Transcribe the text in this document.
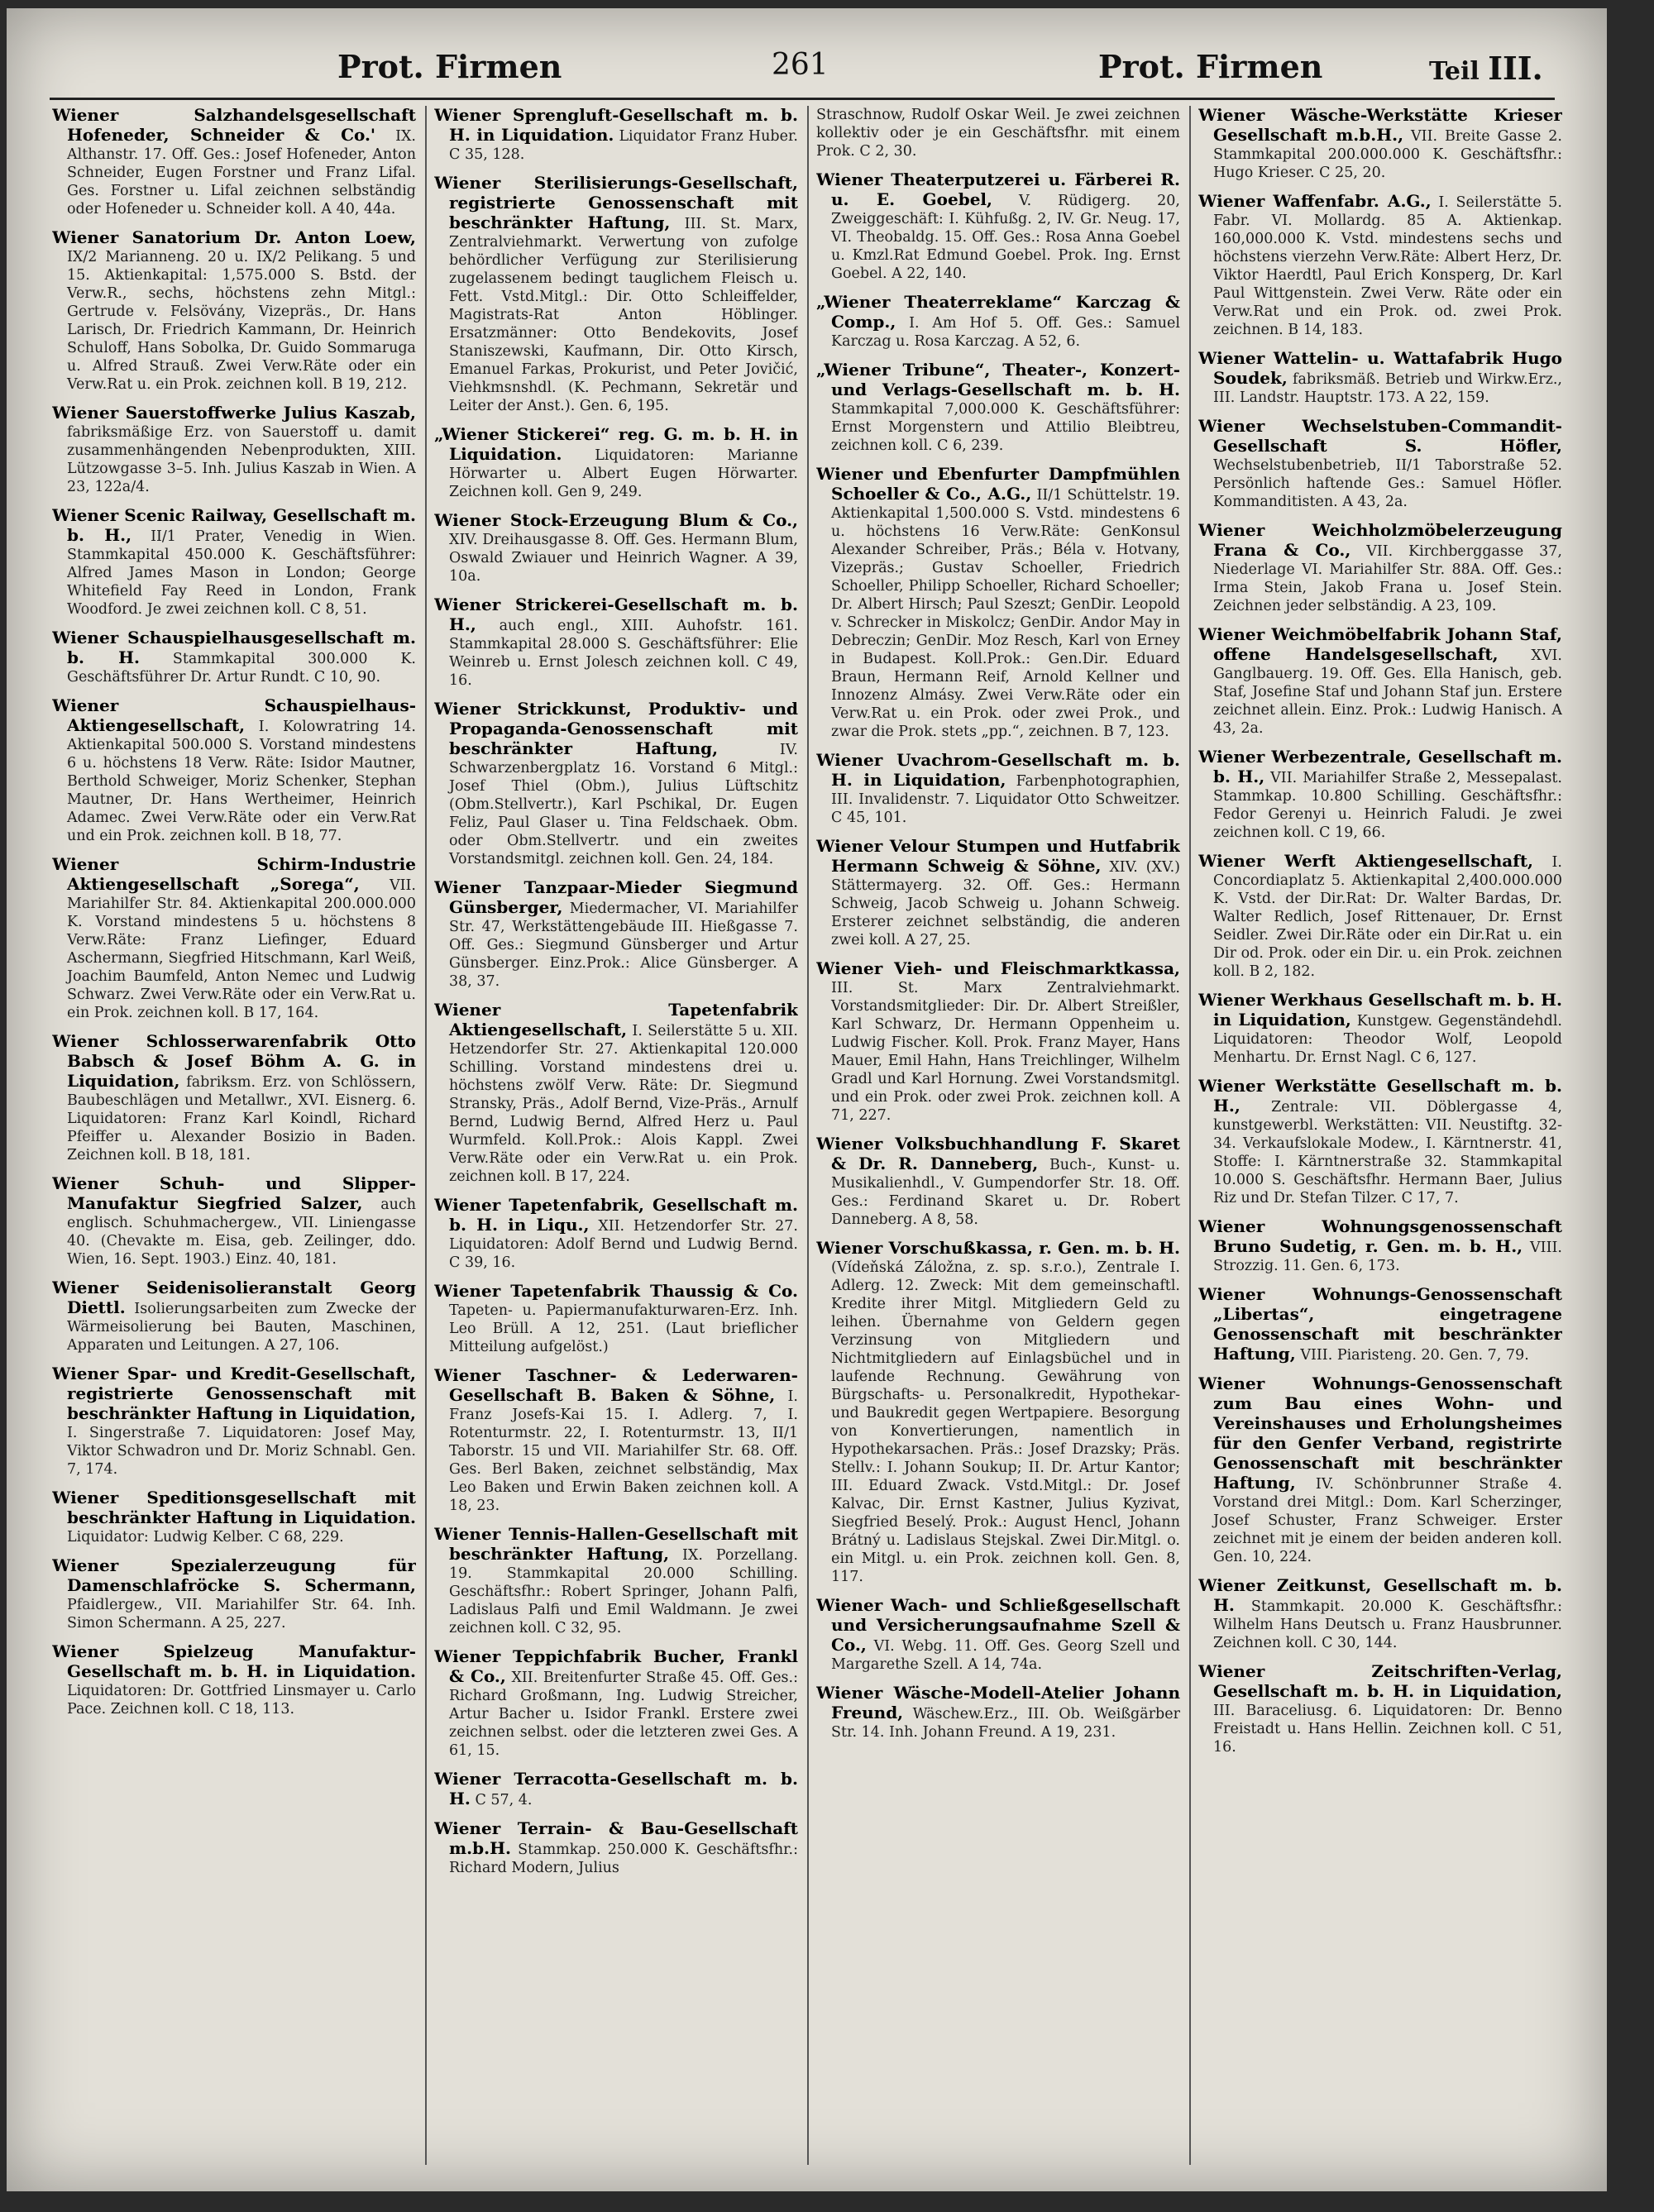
Prot. Firmen	261	Prot. Firmen	Teil III.

Wiener Salzhandelsgesellschaft Hofeneder, Schneider & Co.' IX. Althanstr. 17. Off. Ges.: Josef Hofeneder, Anton Schneider, Eugen Forstner und Franz Lifal. Ges. Forstner u. Lifal zeichnen selbständig oder Hofeneder u. Schneider koll. A 40, 44a.

Wiener Sanatorium Dr. Anton Loew, IX/2 Marianneng. 20 u. IX/2 Pelikang. 5 und 15. Aktienkapital: 1,575.000 S. Bstd. der Verw.R., sechs, höchstens zehn Mitgl.: Gertrude v. Felsövány, Vizepräs., Dr. Hans Larisch, Dr. Friedrich Kammann, Dr. Heinrich Schuloff, Hans Sobolka, Dr. Guido Sommaruga u. Alfred Strauß. Zwei Verw.Räte oder ein Verw.Rat u. ein Prok. zeichnen koll. B 19, 212.

Wiener Sauerstoffwerke Julius Kaszab, fabriksmäßige Erz. von Sauerstoff u. damit zusammenhängenden Nebenprodukten, XIII. Lützowgasse 3–5. Inh. Julius Kaszab in Wien. A 23, 122a/4.

Wiener Scenic Railway, Gesellschaft m. b. H., II/1 Prater, Venedig in Wien. Stammkapital 450.000 K. Geschäftsführer: Alfred James Mason in London; George Whitefield Fay Reed in London, Frank Woodford. Je zwei zeichnen koll. C 8, 51.

Wiener Schauspielhausgesellschaft m. b. H. Stammkapital 300.000 K. Geschäftsführer Dr. Artur Rundt. C 10, 90.

Wiener Schauspielhaus-Aktiengesellschaft, I. Kolowratring 14. Aktienkapital 500.000 S. Vorstand mindestens 6 u. höchstens 18 Verw. Räte: Isidor Mautner, Berthold Schweiger, Moriz Schenker, Stephan Mautner, Dr. Hans Wertheimer, Heinrich Adamec. Zwei Verw.Räte oder ein Verw.Rat und ein Prok. zeichnen koll. B 18, 77.

Wiener Schirm-Industrie Aktiengesellschaft „Sorega“, VII. Mariahilfer Str. 84. Aktienkapital 200.000.000 K. Vorstand mindestens 5 u. höchstens 8 Verw.Räte: Franz Liefinger, Eduard Aschermann, Siegfried Hitschmann, Karl Weiß, Joachim Baumfeld, Anton Nemec und Ludwig Schwarz. Zwei Verw.Räte oder ein Verw.Rat u. ein Prok. zeichnen koll. B 17, 164.

Wiener Schlosserwarenfabrik Otto Babsch & Josef Böhm A. G. in Liquidation, fabriksm. Erz. von Schlössern, Baubeschlägen und Metallwr., XVI. Eisnerg. 6. Liquidatoren: Franz Karl Koindl, Richard Pfeiffer u. Alexander Bosizio in Baden. Zeichnen koll. B 18, 181.

Wiener Schuh- und Slipper-Manufaktur Siegfried Salzer, auch englisch. Schuhmachergew., VII. Liniengasse 40. (Chevakte m. Eisa, geb. Zeilinger, ddo. Wien, 16. Sept. 1903.) Einz. 40, 181.

Wiener Seidenisolieranstalt Georg Diettl. Isolierungsarbeiten zum Zwecke der Wärmeisolierung bei Bauten, Maschinen, Apparaten und Leitungen. A 27, 106.

Wiener Spar- und Kredit-Gesellschaft, registrierte Genossenschaft mit beschränkter Haftung in Liquidation, I. Singerstraße 7. Liquidatoren: Josef May, Viktor Schwadron und Dr. Moriz Schnabl. Gen. 7, 174.

Wiener Speditionsgesellschaft mit beschränkter Haftung in Liquidation. Liquidator: Ludwig Kelber. C 68, 229.

Wiener Spezialerzeugung für Damenschlafröcke S. Schermann, Pfaidlergew., VII. Mariahilfer Str. 64. Inh. Simon Schermann. A 25, 227.

Wiener Spielzeug Manufaktur-Gesellschaft m. b. H. in Liquidation. Liquidatoren: Dr. Gottfried Linsmayer u. Carlo Pace. Zeichnen koll. C 18, 113.

Wiener Sprengluft-Gesellschaft m. b. H. in Liquidation. Liquidator Franz Huber. C 35, 128.

Wiener Sterilisierungs-Gesellschaft, registrierte Genossenschaft mit beschränkter Haftung, III. St. Marx, Zentralviehmarkt. Verwertung von zufolge behördlicher Verfügung zur Sterilisierung zugelassenem bedingt tauglichem Fleisch u. Fett. Vstd.Mitgl.: Dir. Otto Schleiffelder, Magistrats-Rat Anton Höblinger. Ersatzmänner: Otto Bendekovits, Josef Staniszewski, Kaufmann, Dir. Otto Kirsch, Emanuel Farkas, Prokurist, und Peter Jovičić, Viehkmsnshdl. (K. Pechmann, Sekretär und Leiter der Anst.). Gen. 6, 195.

„Wiener Stickerei“ reg. G. m. b. H. in Liquidation. Liquidatoren: Marianne Hörwarter u. Albert Eugen Hörwarter. Zeichnen koll. Gen 9, 249.

Wiener Stock-Erzeugung Blum & Co., XIV. Dreihausgasse 8. Off. Ges. Hermann Blum, Oswald Zwiauer und Heinrich Wagner. A 39, 10a.

Wiener Strickerei-Gesellschaft m. b. H., auch engl., XIII. Auhofstr. 161. Stammkapital 28.000 S. Geschäftsführer: Elie Weinreb u. Ernst Jolesch zeichnen koll. C 49, 16.

Wiener Strickkunst, Produktiv- und Propaganda-Genossenschaft mit beschränkter Haftung,	IV. Schwarzenbergplatz 16. Vorstand 6 Mitgl.: Josef Thiel (Obm.), Julius Lüftschitz (Obm.Stellvertr.), Karl Pschikal, Dr. Eugen Feliz, Paul Glaser u. Tina Feldschaek. Obm. oder Obm.Stellvertr. und ein zweites Vorstandsmitgl. zeichnen koll. Gen. 24, 184.

Wiener Tanzpaar-Mieder Siegmund Günsberger, Miedermacher, VI. Mariahilfer Str. 47, Werkstättengebäude III. Hießgasse 7. Off. Ges.: Siegmund Günsberger und Artur Günsberger. Einz.Prok.: Alice Günsberger. A 38, 37.

Wiener Tapetenfabrik Aktiengesellschaft, I. Seilerstätte 5 u. XII. Hetzendorfer Str. 27. Aktienkapital 120.000 Schilling. Vorstand mindestens drei u. höchstens zwölf Verw. Räte: Dr. Siegmund Stransky, Präs., Adolf Bernd, Vize-Präs., Arnulf Bernd, Ludwig Bernd, Alfred Herz u. Paul Wurmfeld. Koll.Prok.: Alois Kappl. Zwei Verw.Räte oder ein Verw.Rat u. ein Prok. zeichnen koll. B 17, 224.

Wiener Tapetenfabrik, Gesellschaft m. b. H. in Liqu., XII. Hetzendorfer Str. 27. Liquidatoren: Adolf Bernd und Ludwig Bernd. C 39, 16.

Wiener Tapetenfabrik Thaussig & Co. Tapeten- u. Papiermanufakturwaren-Erz. Inh. Leo Brüll. A 12, 251. (Laut brieflicher Mitteilung aufgelöst.)

Wiener Taschner- & Lederwaren-Gesellschaft B. Baken & Söhne, I. Franz Josefs-Kai 15. I. Adlerg. 7, I. Rotenturmstr. 22, I. Rotenturmstr. 13, II/1 Taborstr. 15 und VII. Mariahilfer Str. 68. Off. Ges. Berl Baken, zeichnet selbständig, Max Leo Baken und Erwin Baken zeichnen koll. A 18, 23.

Wiener Tennis-Hallen-Gesellschaft mit beschränkter Haftung, IX. Porzellang. 19. Stammkapital 20.000 Schilling. Geschäftsfhr.: Robert Springer, Johann Palfi, Ladislaus Palfi und Emil Waldmann. Je zwei zeichnen koll. C 32, 95.

Wiener Teppichfabrik Bucher, Frankl & Co., XII. Breitenfurter Straße 45. Off. Ges.: Richard Großmann, Ing. Ludwig Streicher, Artur Bacher u. Isidor Frankl. Erstere zwei zeichnen selbst. oder die letzteren zwei Ges. A 61, 15.

Wiener Terracotta-Gesellschaft m. b. H. C 57, 4.

Wiener Terrain- & Bau-Gesellschaft m.b.H. Stammkap. 250.000 K. Geschäftsfhr.: Richard Modern, Julius

Straschnow, Rudolf Oskar Weil. Je zwei zeichnen kollektiv oder je ein Geschäftsfhr. mit einem Prok. C 2, 30.

Wiener Theaterputzerei u. Färberei R. u. E. Goebel, V. Rüdigerg. 20, Zweiggeschäft: I. Kühfußg. 2, IV. Gr. Neug. 17, VI. Theobaldg. 15. Off. Ges.: Rosa Anna Goebel u. Kmzl.Rat Edmund Goebel. Prok. Ing. Ernst Goebel. A 22, 140.

„Wiener Theaterreklame“ Karczag & Comp., I. Am Hof 5. Off. Ges.: Samuel Karczag u. Rosa Karczag. A 52, 6.

„Wiener Tribune“, Theater-, Konzert- und Verlags-Gesellschaft m. b. H. Stammkapital 7,000.000 K. Geschäftsführer: Ernst Morgenstern und Attilio Bleibtreu, zeichnen koll. C 6, 239.

Wiener und Ebenfurter Dampfmühlen Schoeller & Co., A.G., II/1 Schüttelstr. 19. Aktienkapital 1,500.000 S. Vstd. mindestens 6 u. höchstens 16 Verw.Räte: GenKonsul Alexander Schreiber, Präs.; Béla v. Hotvany, Vizepräs.; Gustav Schoeller, Friedrich Schoeller, Philipp Schoeller, Richard Schoeller; Dr. Albert Hirsch; Paul Szeszt; GenDir. Leopold v. Schrecker in Miskolcz; GenDir. Andor May in Debreczin; GenDir. Moz Resch, Karl von Erney in Budapest. Koll.Prok.: Gen.Dir. Eduard Braun, Hermann Reif, Arnold Kellner und Innozenz Almásy. Zwei Verw.Räte oder ein Verw.Rat u. ein Prok. oder zwei Prok., und zwar die Prok. stets „pp.“, zeichnen. B 7, 123.

Wiener Uvachrom-Gesellschaft m. b. H. in Liquidation, Farbenphotographien, III. Invalidenstr. 7. Liquidator Otto Schweitzer. C 45, 101.

Wiener Velour Stumpen und Hutfabrik Hermann Schweig & Söhne, XIV. (XV.) Stättermayerg. 32. Off. Ges.: Hermann Schweig, Jacob Schweig u. Johann Schweig. Ersterer zeichnet selbständig, die anderen zwei koll. A 27, 25.

Wiener Vieh- und Fleischmarktkassa, III. St. Marx Zentralviehmarkt. Vorstandsmitglieder: Dir. Dr. Albert Streißler, Karl Schwarz, Dr. Hermann Oppenheim u. Ludwig Fischer. Koll. Prok. Franz Mayer, Hans Mauer, Emil Hahn, Hans Treichlinger, Wilhelm Gradl und Karl Hornung. Zwei Vorstandsmitgl. und ein Prok. oder zwei Prok. zeichnen koll. A 71, 227.

Wiener Volksbuchhandlung F. Skaret & Dr. R. Danneberg, Buch-, Kunst- u. Musikalienhdl., V. Gumpendorfer Str. 18. Off. Ges.: Ferdinand Skaret u. Dr. Robert Danneberg. A 8, 58.

Wiener Vorschußkassa, r. Gen. m. b. H. (Vídeňská Záložna, z. sp. s.r.o.), Zentrale I. Adlerg. 12. Zweck: Mit dem gemeinschaftl. Kredite ihrer Mitgl. Mitgliedern Geld zu leihen. Übernahme von Geldern gegen Verzinsung von Mitgliedern und Nichtmitgliedern auf Einlagsbüchel und in laufende Rechnung. Gewährung von Bürgschafts- u. Personalkredit, Hypothekar- und Baukredit gegen Wertpapiere. Besorgung von Konvertierungen, namentlich in Hypothekarsachen. Präs.: Josef Drazsky; Präs. Stellv.: I. Johann Soukup; II. Dr. Artur Kantor; III. Eduard Zwack. Vstd.Mitgl.: Dr. Josef Kalvac, Dir. Ernst Kastner, Julius Kyzivat, Siegfried Beselý. Prok.: August Hencl, Johann Brátný u. Ladislaus Stejskal. Zwei Dir.Mitgl. o. ein Mitgl. u. ein Prok. zeichnen koll. Gen. 8, 117.

Wiener Wach- und Schließgesellschaft und Versicherungsaufnahme Szell & Co., VI. Webg. 11. Off. Ges. Georg Szell und Margarethe Szell. A 14, 74a.

Wiener Wäsche-Modell-Atelier Johann Freund, Wäschew.Erz., III. Ob. Weißgärber Str. 14. Inh. Johann Freund. A 19, 231.

Wiener Wäsche-Werkstätte Krieser Gesellschaft m.b.H., VII. Breite Gasse 2. Stammkapital 200.000.000 K. Geschäftsfhr.: Hugo Krieser. C 25, 20.

Wiener Waffenfabr. A.G., I. Seilerstätte 5. Fabr. VI. Mollardg. 85 A. Aktienkap. 160,000.000 K. Vstd. mindestens sechs und höchstens vierzehn Verw.Räte: Albert Herz, Dr. Viktor Haerdtl, Paul Erich Konsperg, Dr. Karl Paul Wittgenstein. Zwei Verw. Räte oder ein Verw.Rat und ein Prok. od. zwei Prok. zeichnen. B 14, 183.

Wiener Wattelin- u. Wattafabrik Hugo Soudek, fabriksmäß. Betrieb und Wirkw.Erz., III. Landstr. Hauptstr. 173. A 22, 159.

Wiener Wechselstuben-Commandit-Gesellschaft S. Höfler, Wechselstubenbetrieb, II/1 Taborstraße 52. Persönlich haftende Ges.: Samuel Höfler. Kommanditisten. A 43, 2a.

Wiener Weichholzmöbelerzeugung Frana & Co., VII. Kirchberggasse 37, Niederlage VI. Mariahilfer Str. 88A. Off. Ges.: Irma Stein, Jakob Frana u. Josef Stein. Zeichnen jeder selbständig. A 23, 109.

Wiener Weichmöbelfabrik Johann Staf, offene Handelsgesellschaft, XVI. Ganglbauerg. 19. Off. Ges. Ella Hanisch, geb. Staf, Josefine Staf und Johann Staf jun. Erstere zeichnet allein. Einz. Prok.: Ludwig Hanisch. A 43, 2a.

Wiener Werbezentrale, Gesellschaft m. b. H., VII. Mariahilfer Straße 2, Messepalast. Stammkap. 10.800 Schilling. Geschäftsfhr.: Fedor Gerenyi u. Heinrich Faludi. Je zwei zeichnen koll. C 19, 66.

Wiener Werft Aktiengesellschaft, I. Concordiaplatz 5. Aktienkapital 2,400.000.000 K. Vstd. der Dir.Rat: Dr. Walter Bardas, Dr. Walter Redlich, Josef Rittenauer, Dr. Ernst Seidler. Zwei Dir.Räte oder ein Dir.Rat u. ein Dir od. Prok. oder ein Dir. u. ein Prok. zeichnen koll. B 2, 182.

Wiener Werkhaus Gesellschaft m. b. H. in Liquidation, Kunstgew. Gegenständehdl. Liquidatoren: Theodor Wolf, Leopold Menhartu. Dr. Ernst Nagl. C 6, 127.

Wiener Werkstätte Gesellschaft m. b. H., Zentrale: VII. Döblergasse 4, kunstgewerbl. Werkstätten: VII. Neustiftg. 32-34. Verkaufslokale Modew., I. Kärntnerstr. 41, Stoffe: I. Kärntnerstraße 32. Stammkapital 10.000 S. Geschäftsfhr. Hermann Baer, Julius Riz und Dr. Stefan Tilzer. C 17, 7.

Wiener Wohnungsgenossenschaft Bruno Sudetig, r. Gen. m. b. H., VIII. Strozzig. 11. Gen. 6, 173.

Wiener Wohnungs-Genossenschaft „Libertas“, eingetragene Genossenschaft mit beschränkter Haftung, VIII. Piaristeng. 20. Gen. 7, 79.

Wiener Wohnungs-Genossenschaft zum Bau eines Wohn- und Vereinshauses und Erholungsheimes für den Genfer Verband, registrirte Genossenschaft mit beschränkter Haftung, IV. Schönbrunner Straße 4. Vorstand drei Mitgl.: Dom. Karl Scherzinger, Josef Schuster, Franz Schweiger. Erster zeichnet mit je einem der beiden anderen koll. Gen. 10, 224.

Wiener Zeitkunst, Gesellschaft m. b. H. Stammkapit. 20.000 K. Geschäftsfhr.: Wilhelm Hans Deutsch u. Franz Hausbrunner. Zeichnen koll. C 30, 144.

Wiener Zeitschriften-Verlag, Gesellschaft m. b. H. in Liquidation, III. Baraceliusg. 6. Liquidatoren: Dr. Benno Freistadt u. Hans Hellin. Zeichnen koll. C 51, 16.
